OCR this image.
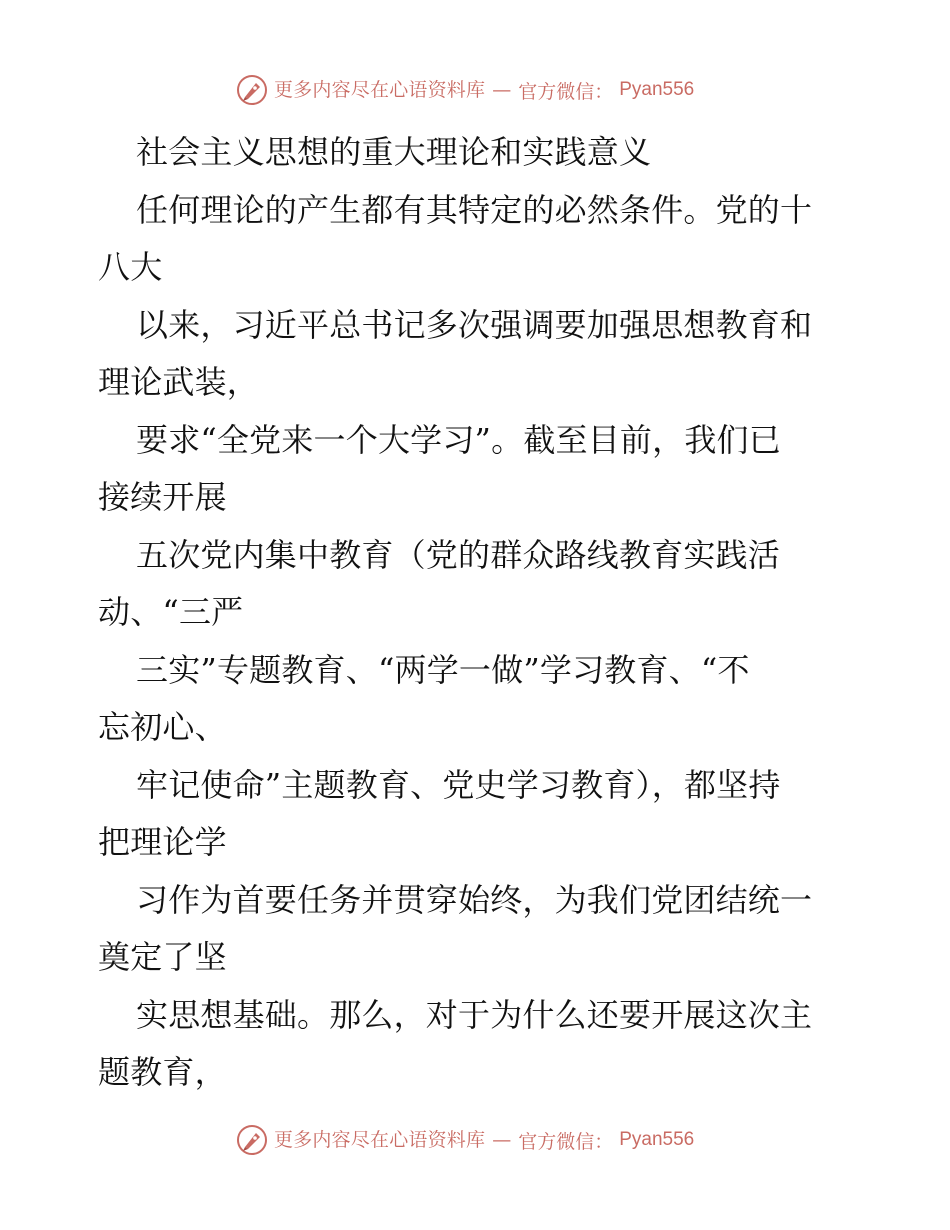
更多内容尽在心语资料库 — 官方微信： Pyan556
社会主义思想的重大理论和实践意义
任何理论的产生都有其特定的必然条件。党的十
八大
以来，习近平总书记多次强调要加强思想教育和
理论武装，
要求“全党来一个大学习”。截至目前，我们已
接续开展
五次党内集中教育（党的群众路线教育实践活
动、“三严
三实”专题教育、“两学一做”学习教育、“不
忘初心、
牢记使命”主题教育、党史学习教育），都坚持
把理论学
习作为首要任务并贯穿始终，为我们党团结统一
奠定了坚
实思想基础。那么，对于为什么还要开展这次主
题教育，
更多内容尽在心语资料库 — 官方微信： Pyan556
